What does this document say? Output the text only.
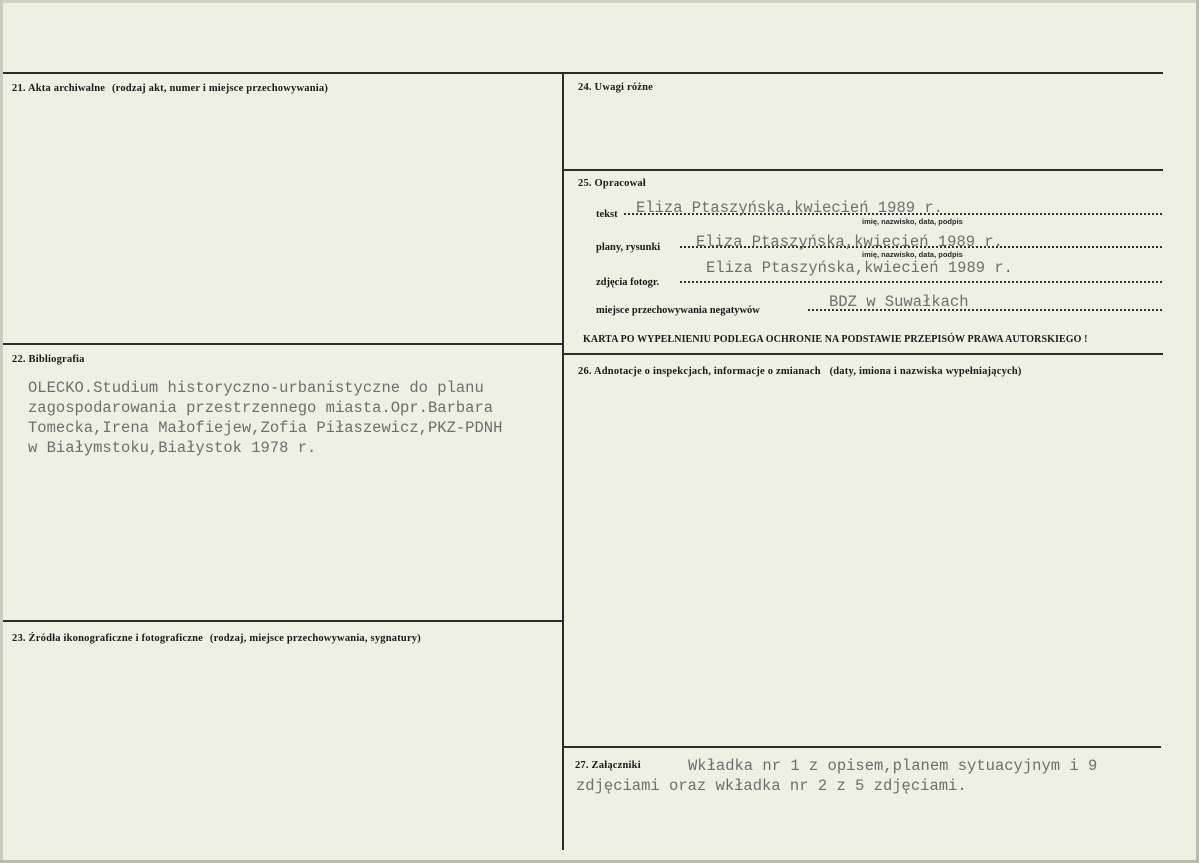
21. Akta archiwalne (rodzaj akt, numer i miejsce przechowywania)
22. Bibliografia
OLECKO.Studium historyczno-urbanistyczne do planu
zagospodarowania przestrzennego miasta.Opr.Barbara
Tomecka,Irena Małofiejew,Zofia Piłaszewicz,PKZ-PDNH
w Białymstoku,Białystok 1978 r.
23. Źródła ikonograficzne i fotograficzne (rodzaj, miejsce przechowywania, sygnatury)
24. Uwagi różne
25. Opracował
tekst Eliza Ptaszyńska,kwiecień 1989 r.
imię, nazwisko, data, podpis
plany, rysunki Eliza Ptaszyńska,kwiecień 1989 r.
imię, nazwisko, data, podpis
zdjęcia fotogr.
Eliza Ptaszyńska,kwiecień 1989 r.
miejsce przechowywania negatywów	BDZ w Suwałkach
KARTA PO WYPEŁNIENIU PODLEGA OCHRONIE NA PODSTAWIE PRZEPISÓW PRAWA AUTORSKIEGO !
26. Adnotacje o inspekcjach, informacje o zmianach (daty, imiona i nazwiska wypełniających)
27. Załączniki	Wkładka nr 1 z opisem,planem sytuacyjnym i 9
zdjęciami oraz wkładka nr 2 z 5 zdjęciami.
